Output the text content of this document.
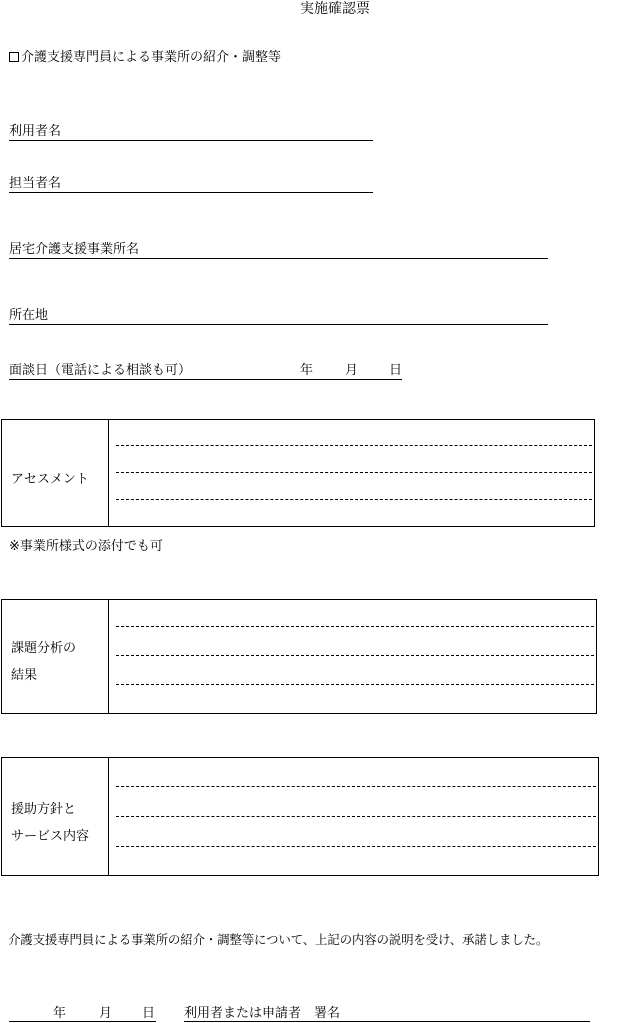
実施確認票
介護支援専門員による事業所の紹介・調整等
利用者名
担当者名
居宅介護支援事業所名
所在地
面談日（電話による相談も可）	年 月 日
アセスメント
※事業所様式の添付でも可
課題分析の
結果
援助方針と
サービス内容
介護支援専門員による事業所の紹介・調整等について、上記の内容の説明を受け、承諾しました。
年	月 日 利用者または申請者　署名
